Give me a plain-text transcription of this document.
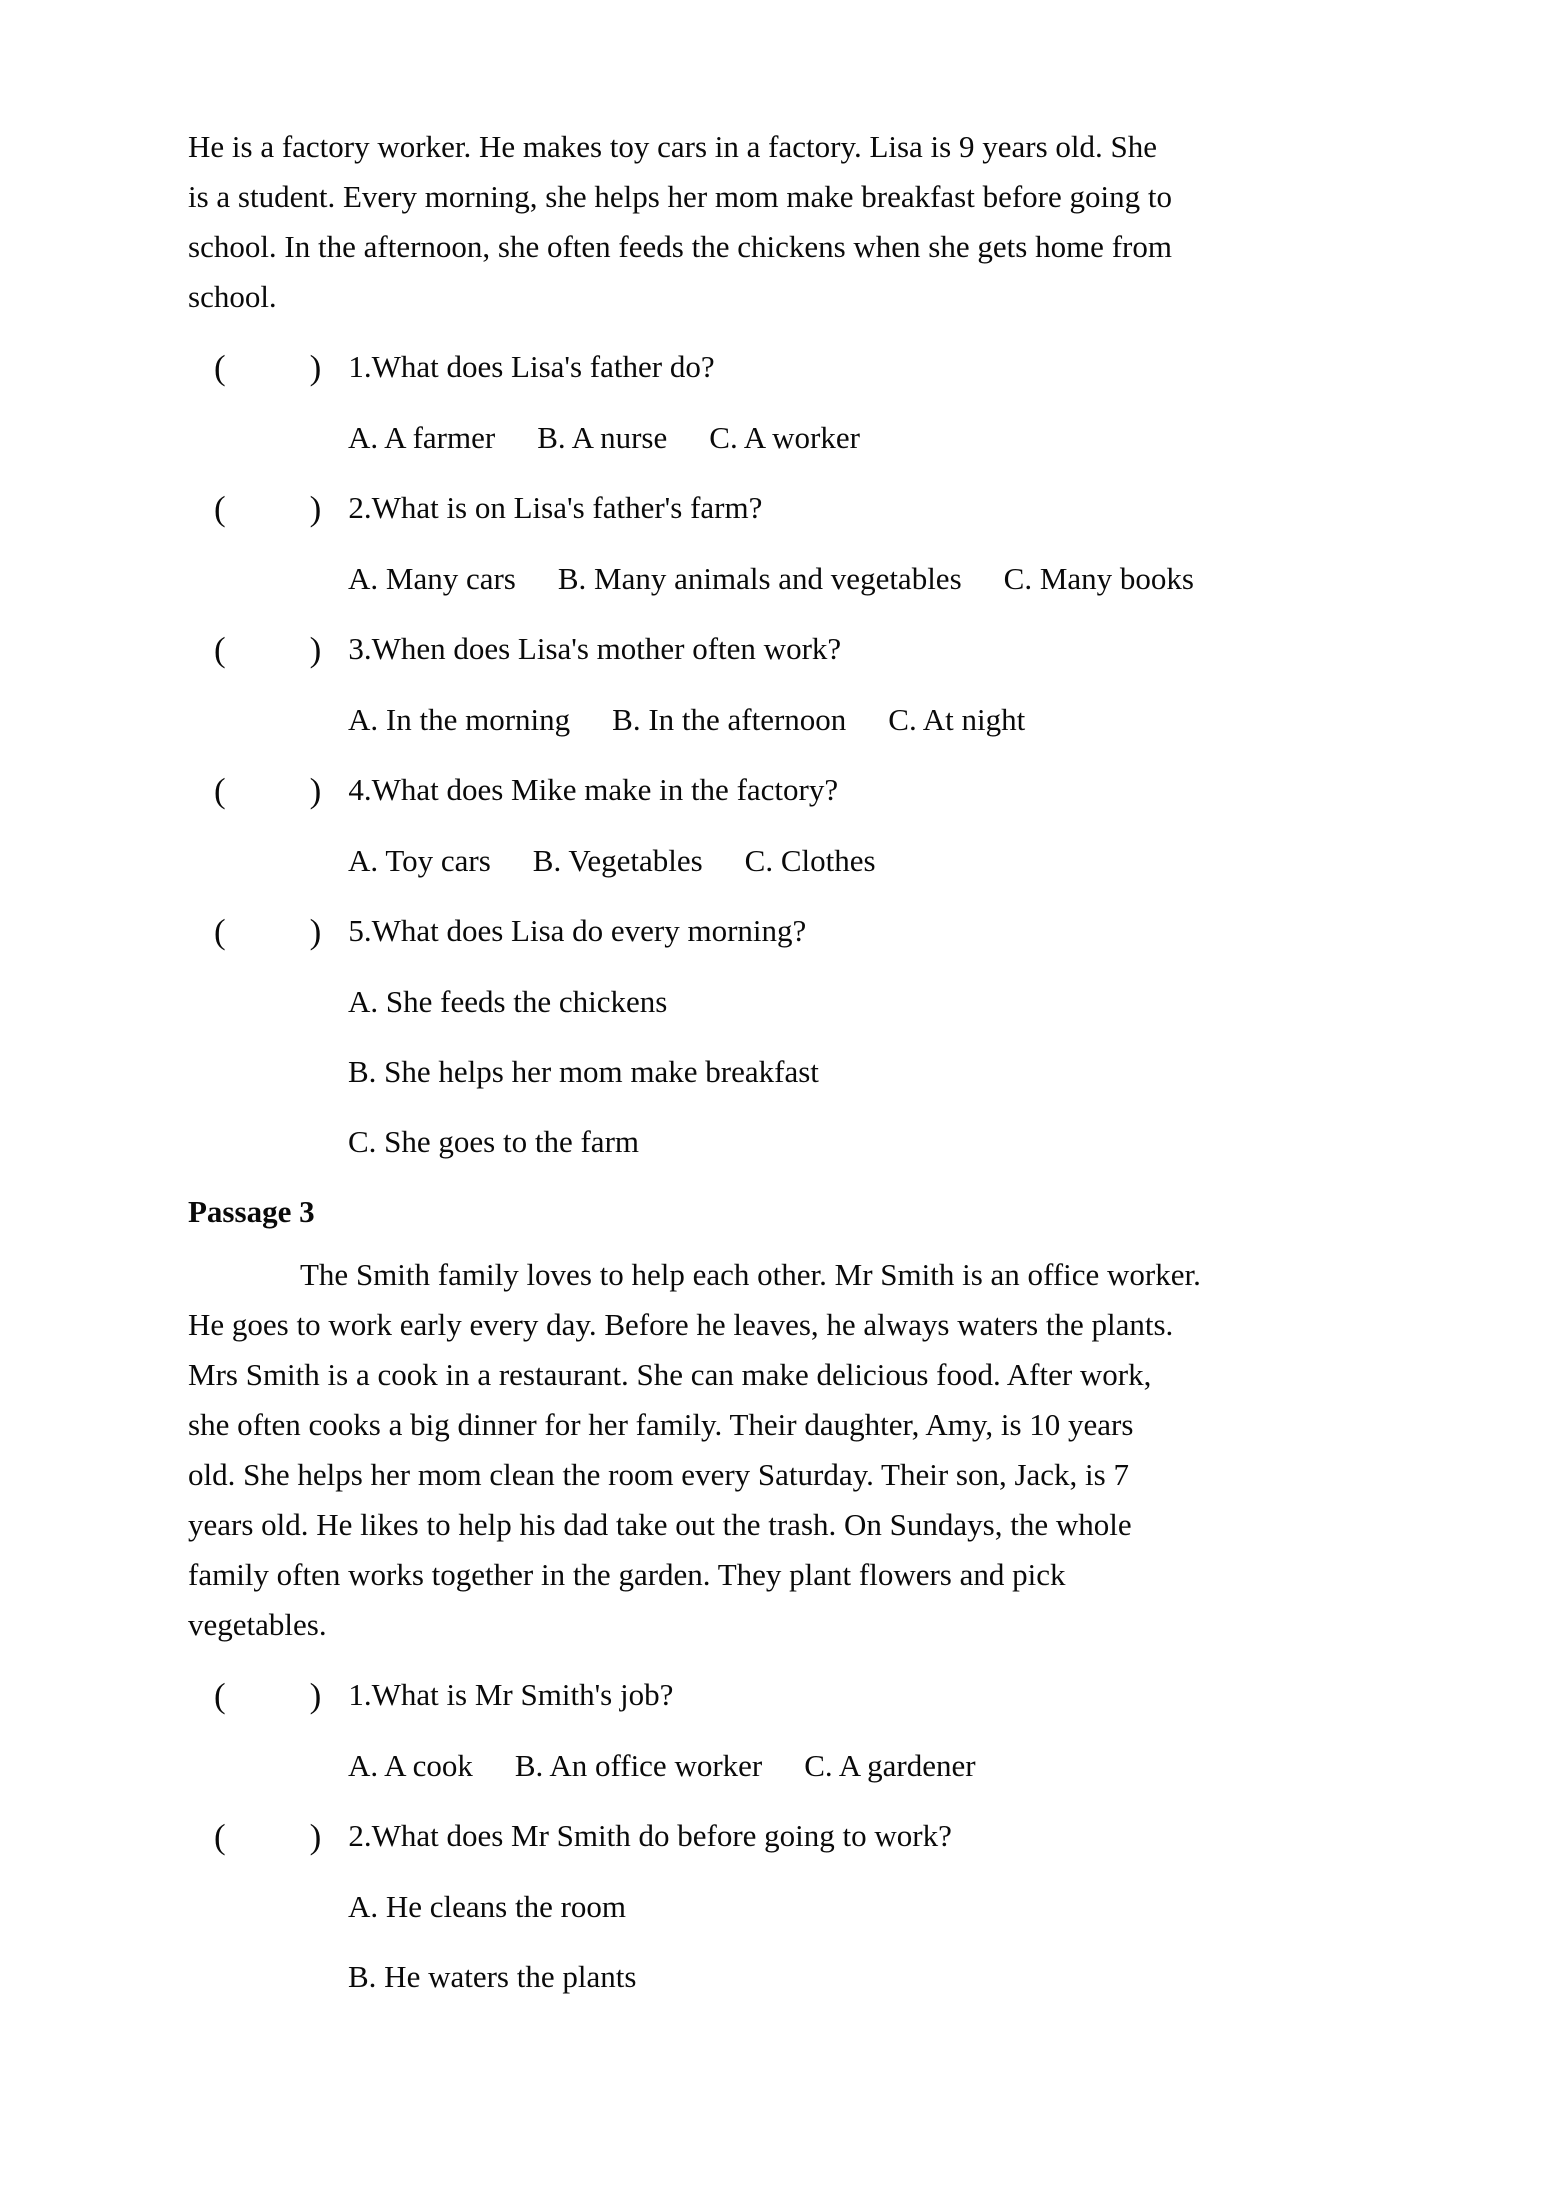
He is a factory worker. He makes toy cars in a factory. Lisa is 9 years old. She
is a student. Every morning, she helps her mom make breakfast before going to
school. In the afternoon, she often feeds the chickens when she gets home from
school.

( ) 1.What does Lisa's father do?
A. A farmer B. A nurse C. A worker
( ) 2.What is on Lisa's father's farm?
A. Many cars B. Many animals and vegetables C. Many books
( ) 3.When does Lisa's mother often work?
A. In the morning B. In the afternoon C. At night
( ) 4.What does Mike make in the factory?
A. Toy cars B. Vegetables C. Clothes
( ) 5.What does Lisa do every morning?
A. She feeds the chickens
B. She helps her mom make breakfast
C. She goes to the farm
Passage 3

The Smith family loves to help each other. Mr Smith is an office worker.
He goes to work early every day. Before he leaves, he always waters the plants.
Mrs Smith is a cook in a restaurant. She can make delicious food. After work,
she often cooks a big dinner for her family. Their daughter, Amy, is 10 years
old. She helps her mom clean the room every Saturday. Their son, Jack, is 7
years old. He likes to help his dad take out the trash. On Sundays, the whole
family often works together in the garden. They plant flowers and pick
vegetables.

( ) 1.What is Mr Smith's job?
A. A cook B. An office worker C. A gardener
( ) 2.What does Mr Smith do before going to work?
A. He cleans the room
B. He waters the plants
